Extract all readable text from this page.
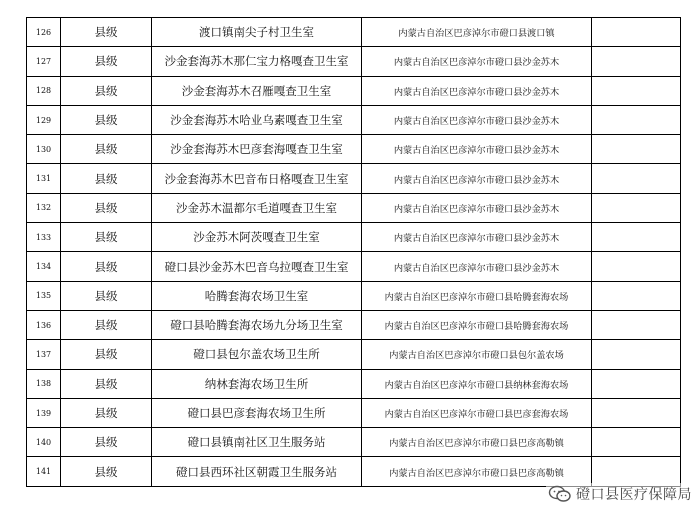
126	县级	渡口镇南尖子村卫生室	内蒙古自治区巴彦淖尔市磴口县渡口镇	
127	县级	沙金套海苏木那仁宝力格嘎查卫生室	内蒙古自治区巴彦淖尔市磴口县沙金苏木	
128	县级	沙金套海苏木召雁嘎查卫生室	内蒙古自治区巴彦淖尔市磴口县沙金苏木	
129	县级	沙金套海苏木哈业乌素嘎查卫生室	内蒙古自治区巴彦淖尔市磴口县沙金苏木	
130	县级	沙金套海苏木巴彦套海嘎查卫生室	内蒙古自治区巴彦淖尔市磴口县沙金苏木	
131	县级	沙金套海苏木巴音布日格嘎查卫生室	内蒙古自治区巴彦淖尔市磴口县沙金苏木	
132	县级	沙金苏木温都尔毛道嘎查卫生室	内蒙古自治区巴彦淖尔市磴口县沙金苏木	
133	县级	沙金苏木阿茨嘎查卫生室	内蒙古自治区巴彦淖尔市磴口县沙金苏木	
134	县级	磴口县沙金苏木巴音乌拉嘎查卫生室	内蒙古自治区巴彦淖尔市磴口县沙金苏木	
135	县级	哈腾套海农场卫生室	内蒙古自治区巴彦淖尔市磴口县哈腾套海农场	
136	县级	磴口县哈腾套海农场九分场卫生室	内蒙古自治区巴彦淖尔市磴口县哈腾套海农场	
137	县级	磴口县包尔盖农场卫生所	内蒙古自治区巴彦淖尔市磴口县包尔盖农场	
138	县级	纳林套海农场卫生所	内蒙古自治区巴彦淖尔市磴口县纳林套海农场	
139	县级	磴口县巴彦套海农场卫生所	内蒙古自治区巴彦淖尔市磴口县巴彦套海农场	
140	县级	磴口县镇南社区卫生服务站	内蒙古自治区巴彦淖尔市磴口县巴彦高勒镇	
141	县级	磴口县西环社区朝霞卫生服务站	内蒙古自治区巴彦淖尔市磴口县巴彦高勒镇	
磴口县医疗保障局
